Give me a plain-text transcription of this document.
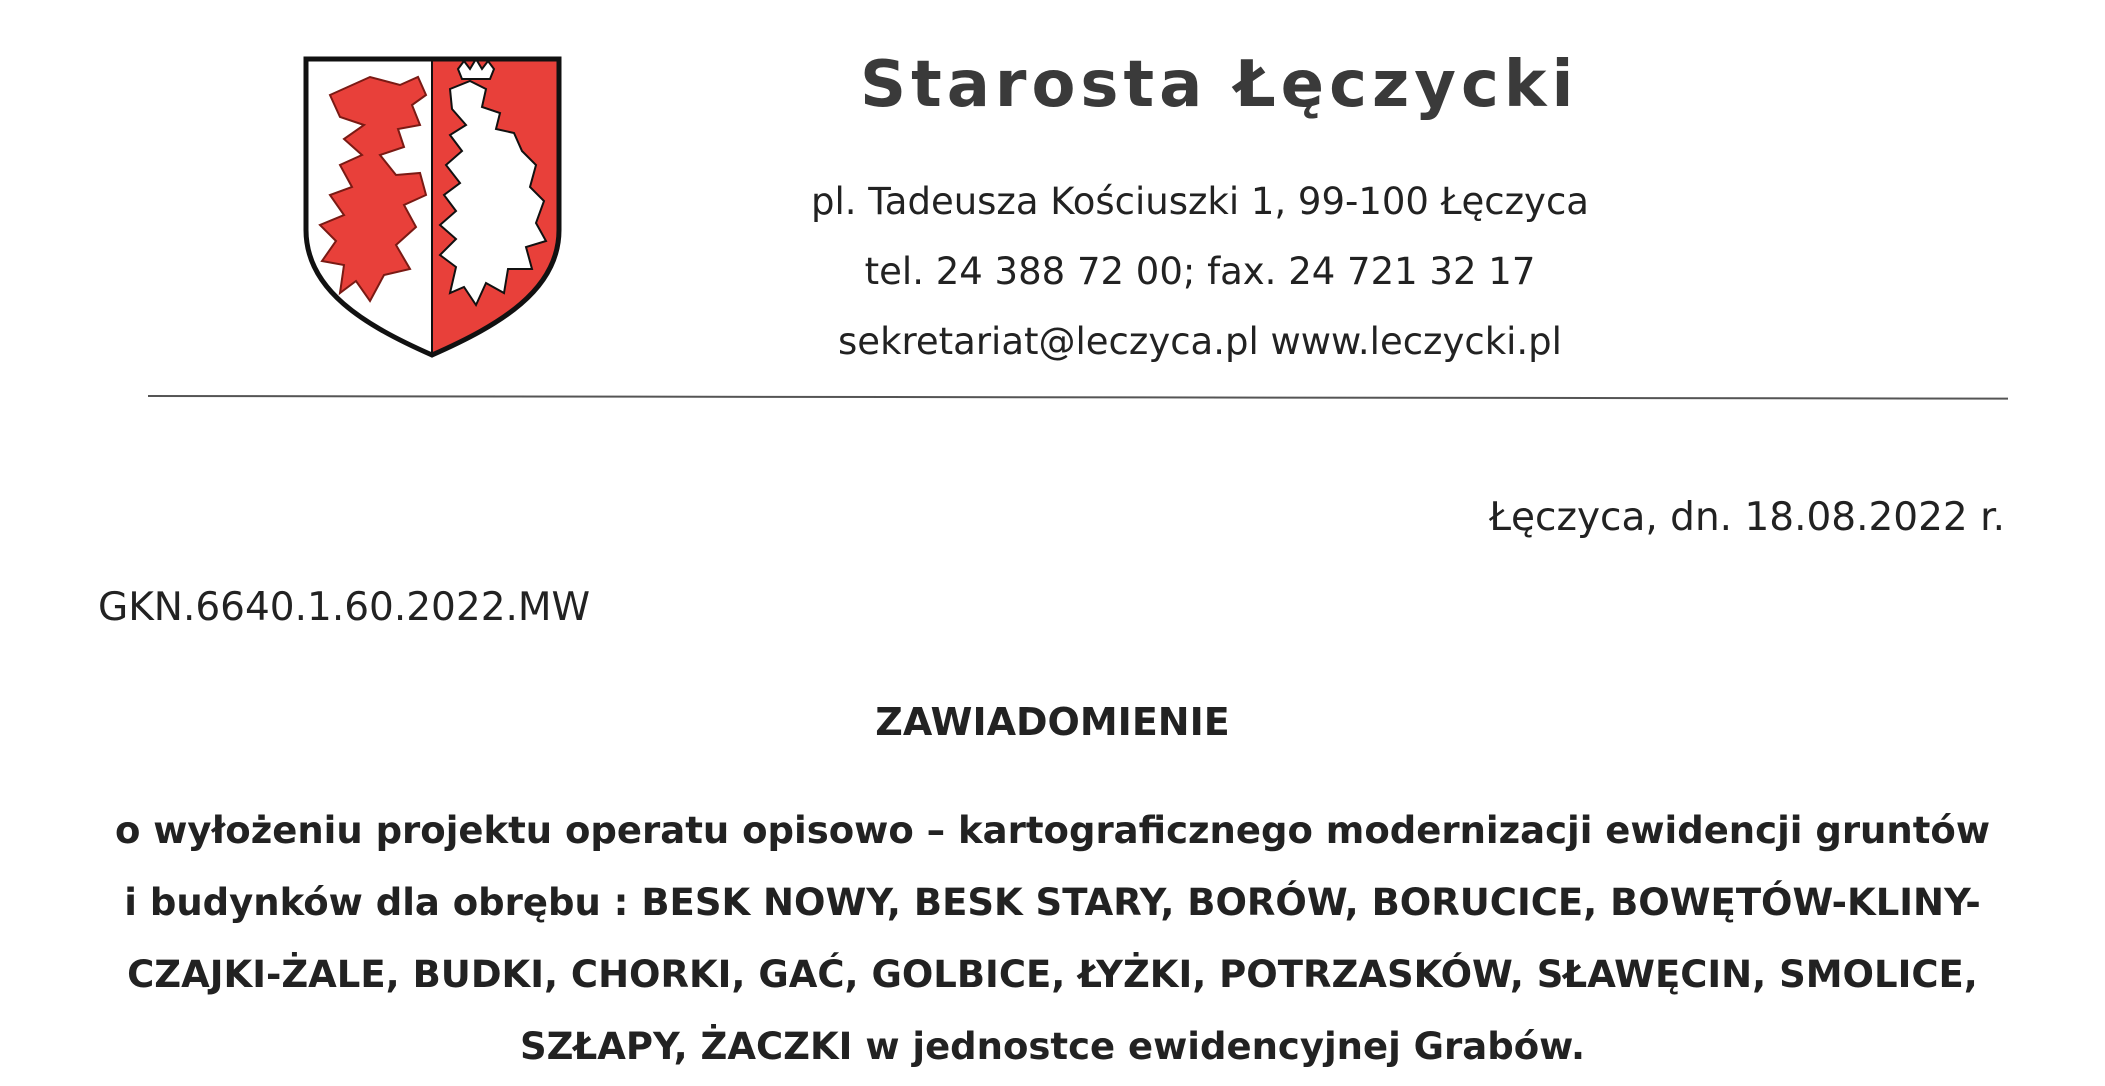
Starosta Łęczycki
pl. Tadeusza Kościuszki 1, 99-100 Łęczyca
tel. 24 388 72 00; fax. 24 721 32 17
sekretariat@leczyca.pl www.leczycki.pl
Łęczyca, dn. 18.08.2022 r.
GKN.6640.1.60.2022.MW
ZAWIADOMIENIE
o wyłożeniu projektu operatu opisowo – kartograficznego modernizacji ewidencji gruntów
i budynków dla obrębu : BESK NOWY, BESK STARY, BORÓW, BORUCICE, BOWĘTÓW-KLINY-
CZAJKI-ŻALE, BUDKI, CHORKI, GAĆ, GOLBICE, ŁYŻKI, POTRZASKÓW, SŁAWĘCIN, SMOLICE,
SZŁAPY, ŻACZKI w jednostce ewidencyjnej Grabów.
